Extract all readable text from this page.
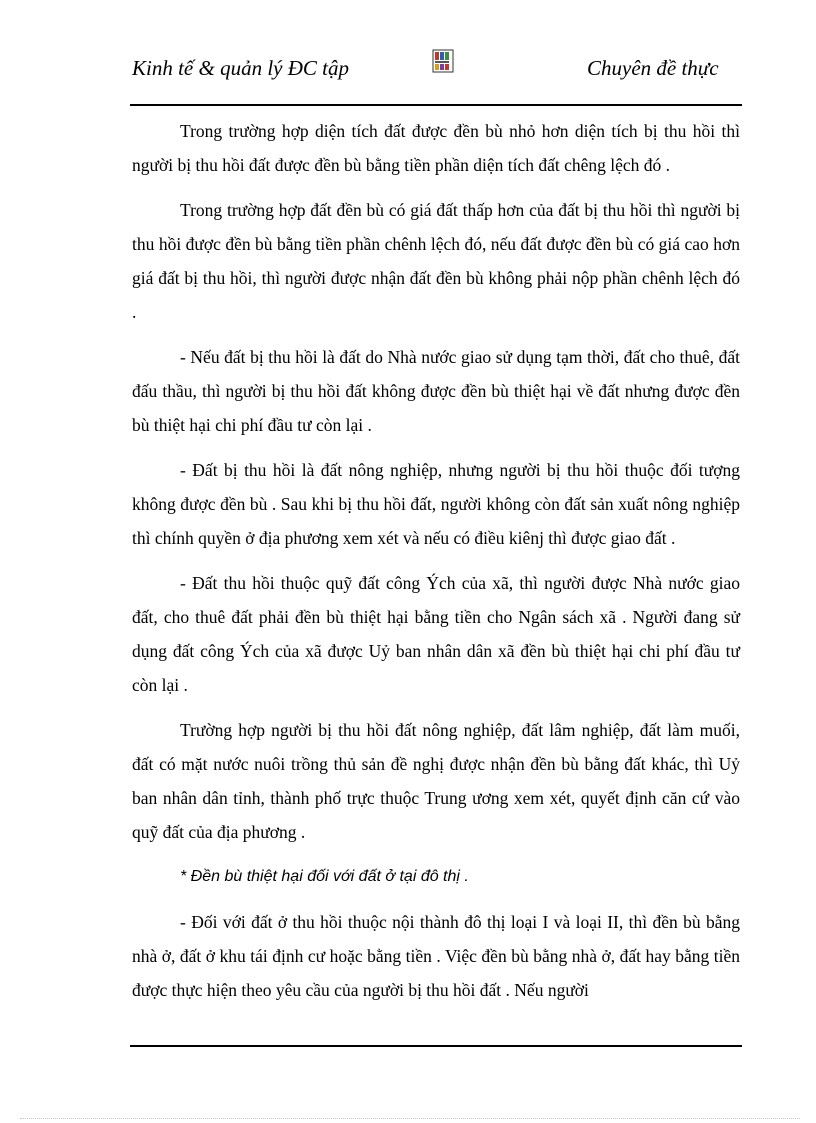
Kinh tế & quản lý ĐC tập	Chuyên đề thực

Trong trường hợp diện tích đất được đền bù nhỏ hơn diện tích bị thu hồi thì người bị thu hồi đất được đền bù bằng tiền phần diện tích đất chêng lệch đó .

Trong trường hợp đất đền bù có giá đất thấp hơn của đất bị thu hồi thì người bị thu hồi được đền bù bằng tiền phần chênh lệch đó, nếu đất được đền bù có giá cao hơn giá đất bị thu hồi, thì người được nhận đất đền bù không phải nộp phần chênh lệch đó .

- Nếu đất bị thu hồi là đất do Nhà nước giao sử dụng tạm thời, đất cho thuê, đất đấu thầu, thì người bị thu hồi đất không được đền bù thiệt hại về đất nhưng được đền bù thiệt hại chi phí đầu tư còn lại .

- Đất bị thu hồi là đất nông nghiệp, nhưng người bị thu hồi thuộc đối tượng không được đền bù . Sau khi bị thu hồi đất, người không còn đất sản xuất nông nghiệp thì chính quyền ở địa phương xem xét và nếu có điều kiênj thì được giao đất .

- Đất thu hồi thuộc quỹ đất công Ých của xã, thì người được Nhà nước giao đất, cho thuê đất phải đền bù thiệt hại bằng tiền cho Ngân sách xã . Người đang sử dụng đất công Ých của xã được Uỷ ban nhân dân xã đền bù thiệt hại chi phí đầu tư còn lại .

Trường hợp người bị thu hồi đất nông nghiệp, đất lâm nghiệp, đất làm muối, đất có mặt nước nuôi trồng thủ sản đề nghị được nhận đền bù bằng đất khác, thì Uỷ ban nhân dân tỉnh, thành phố trực thuộc Trung ương xem xét, quyết định căn cứ vào quỹ đất của địa phương .

* Đền bù thiệt hại đối với đất ở tại đô thị .

- Đối với đất ở thu hồi thuộc nội thành đô thị loại I và loại II, thì đền bù bằng nhà ở, đất ở khu tái định cư hoặc bằng tiền . Việc đền bù bằng nhà ở, đất hay bằng tiền được thực hiện theo yêu cầu của người bị thu hồi đất . Nếu người
